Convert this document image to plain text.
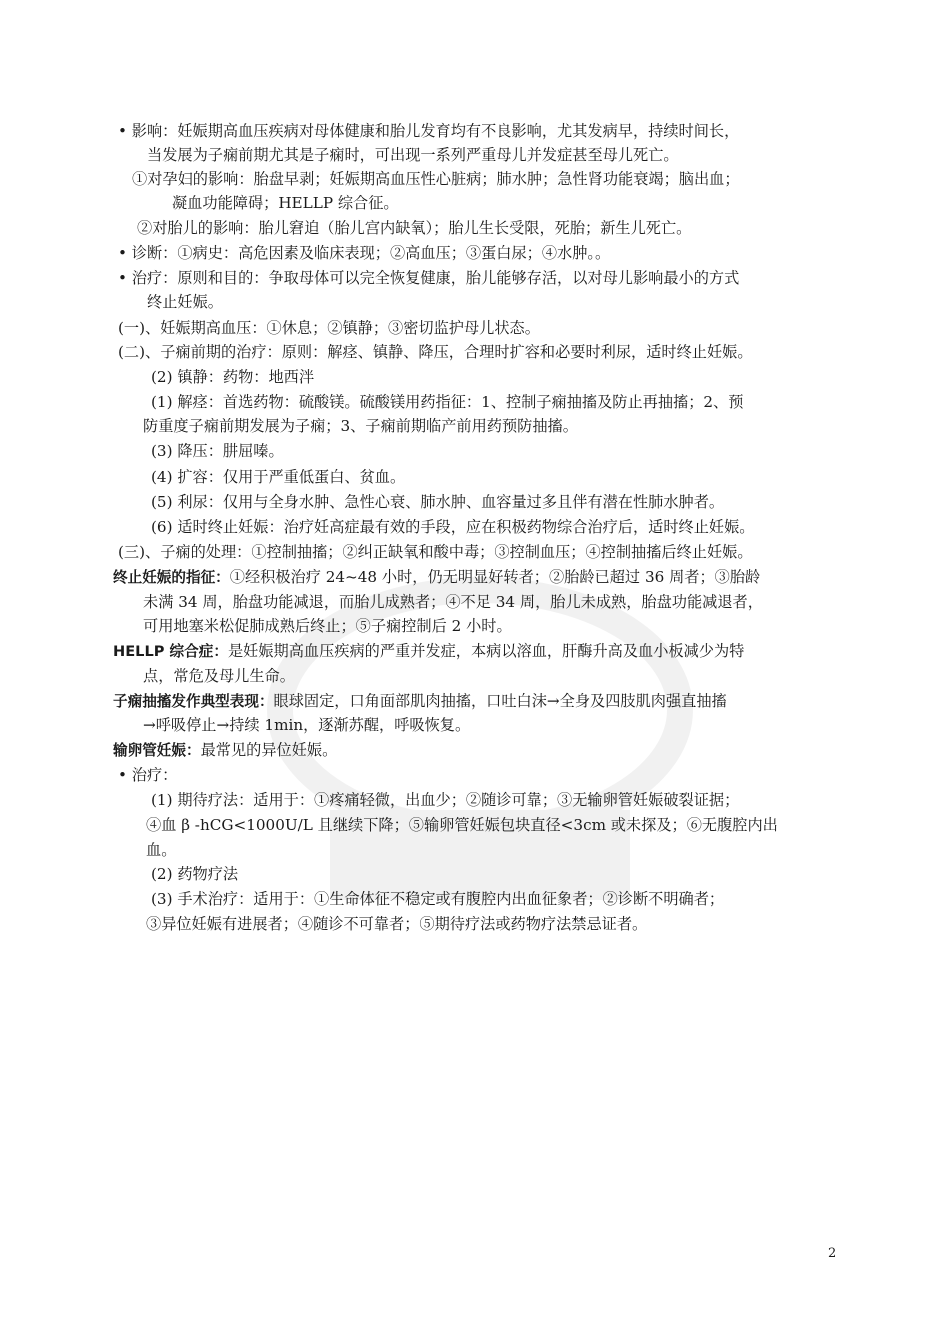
• 影响：妊娠期高血压疾病对母体健康和胎儿发育均有不良影响，尤其发病早，持续时间长，
当发展为子痫前期尤其是子痫时，可出现一系列严重母儿并发症甚至母儿死亡。
①对孕妇的影响：胎盘早剥；妊娠期高血压性心脏病；肺水肿；急性肾功能衰竭；脑出血；
凝血功能障碍；HELLP 综合征。
②对胎儿的影响：胎儿窘迫（胎儿宫内缺氧）；胎儿生长受限，死胎；新生儿死亡。
• 诊断：①病史：高危因素及临床表现；②高血压；③蛋白尿；④水肿。。
• 治疗：原则和目的：争取母体可以完全恢复健康，胎儿能够存活，以对母儿影响最小的方式
终止妊娠。
(一)、妊娠期高血压：①休息；②镇静；③密切监护母儿状态。
(二)、子痫前期的治疗：原则：解痉、镇静、降压，合理时扩容和必要时利尿，适时终止妊娠。
(2) 镇静：药物：地西泮
(1) 解痉：首选药物：硫酸镁。硫酸镁用药指征：1、控制子痫抽搐及防止再抽搐；2、预
防重度子痫前期发展为子痫；3、子痫前期临产前用药预防抽搐。
(3) 降压：肼屈嗪。
(4) 扩容：仅用于严重低蛋白、贫血。
(5) 利尿：仅用与全身水肿、急性心衰、肺水肿、血容量过多且伴有潜在性肺水肿者。
(6) 适时终止妊娠：治疗妊高症最有效的手段，应在积极药物综合治疗后，适时终止妊娠。
(三)、子痫的处理：①控制抽搐；②纠正缺氧和酸中毒；③控制血压；④控制抽搐后终止妊娠。
终止妊娠的指征：①经积极治疗 24~48 小时，仍无明显好转者；②胎龄已超过 36 周者；③胎龄
未满 34 周，胎盘功能减退，而胎儿成熟者；④不足 34 周，胎儿未成熟，胎盘功能减退者，
可用地塞米松促肺成熟后终止；⑤子痫控制后 2 小时。
HELLP 综合症：是妊娠期高血压疾病的严重并发症，本病以溶血，肝酶升高及血小板减少为特
点，常危及母儿生命。
子痫抽搐发作典型表现：眼球固定，口角面部肌肉抽搐，口吐白沫→全身及四肢肌肉强直抽搐
→呼吸停止→持续 1min，逐渐苏醒，呼吸恢复。
输卵管妊娠：最常见的异位妊娠。
• 治疗：
(1) 期待疗法：适用于：①疼痛轻微，出血少；②随诊可靠；③无输卵管妊娠破裂证据；
④血 β -hCG<1000U/L 且继续下降；⑤输卵管妊娠包块直径<3cm 或未探及；⑥无腹腔内出
血。
(2) 药物疗法
(3) 手术治疗：适用于：①生命体征不稳定或有腹腔内出血征象者；②诊断不明确者；
③异位妊娠有进展者；④随诊不可靠者；⑤期待疗法或药物疗法禁忌证者。
2
